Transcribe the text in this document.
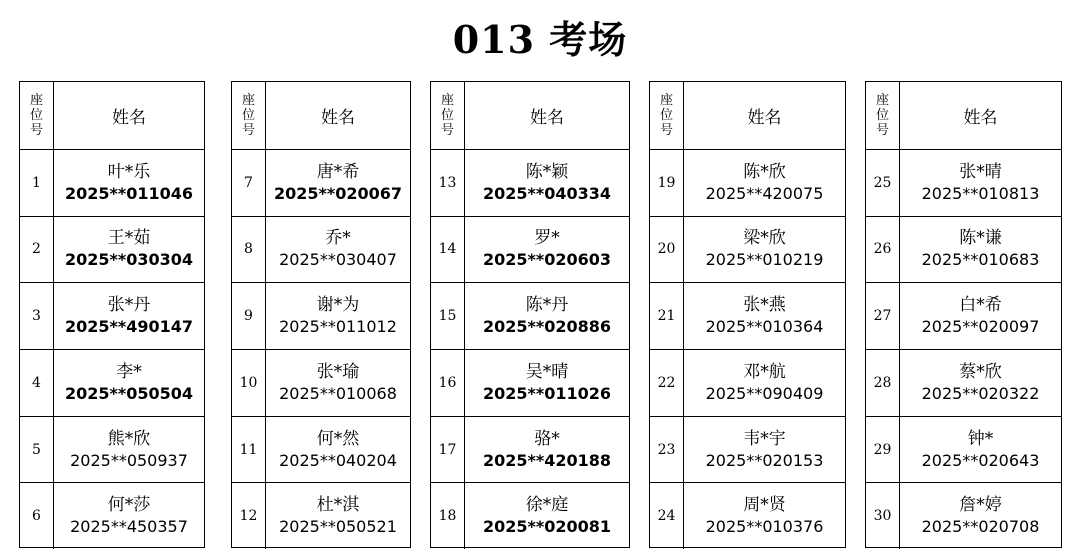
013 考场
座
位
号
姓名
1
叶*乐
2025**011046
2
王*茹
2025**030304
3
张*丹
2025**490147
4
李*
2025**050504
5
熊*欣
2025**050937
6
何*莎
2025**450357
座
位
号
姓名
7
唐*希
2025**020067
8
乔*
2025**030407
9
谢*为
2025**011012
10
张*瑜
2025**010068
11
何*然
2025**040204
12
杜*淇
2025**050521
座
位
号
姓名
13
陈*颖
2025**040334
14
罗*
2025**020603
15
陈*丹
2025**020886
16
吴*晴
2025**011026
17
骆*
2025**420188
18
徐*庭
2025**020081
座
位
号
姓名
19
陈*欣
2025**420075
20
梁*欣
2025**010219
21
张*燕
2025**010364
22
邓*航
2025**090409
23
韦*宇
2025**020153
24
周*贤
2025**010376
座
位
号
姓名
25
张*晴
2025**010813
26
陈*谦
2025**010683
27
白*希
2025**020097
28
蔡*欣
2025**020322
29
钟*
2025**020643
30
詹*婷
2025**020708
